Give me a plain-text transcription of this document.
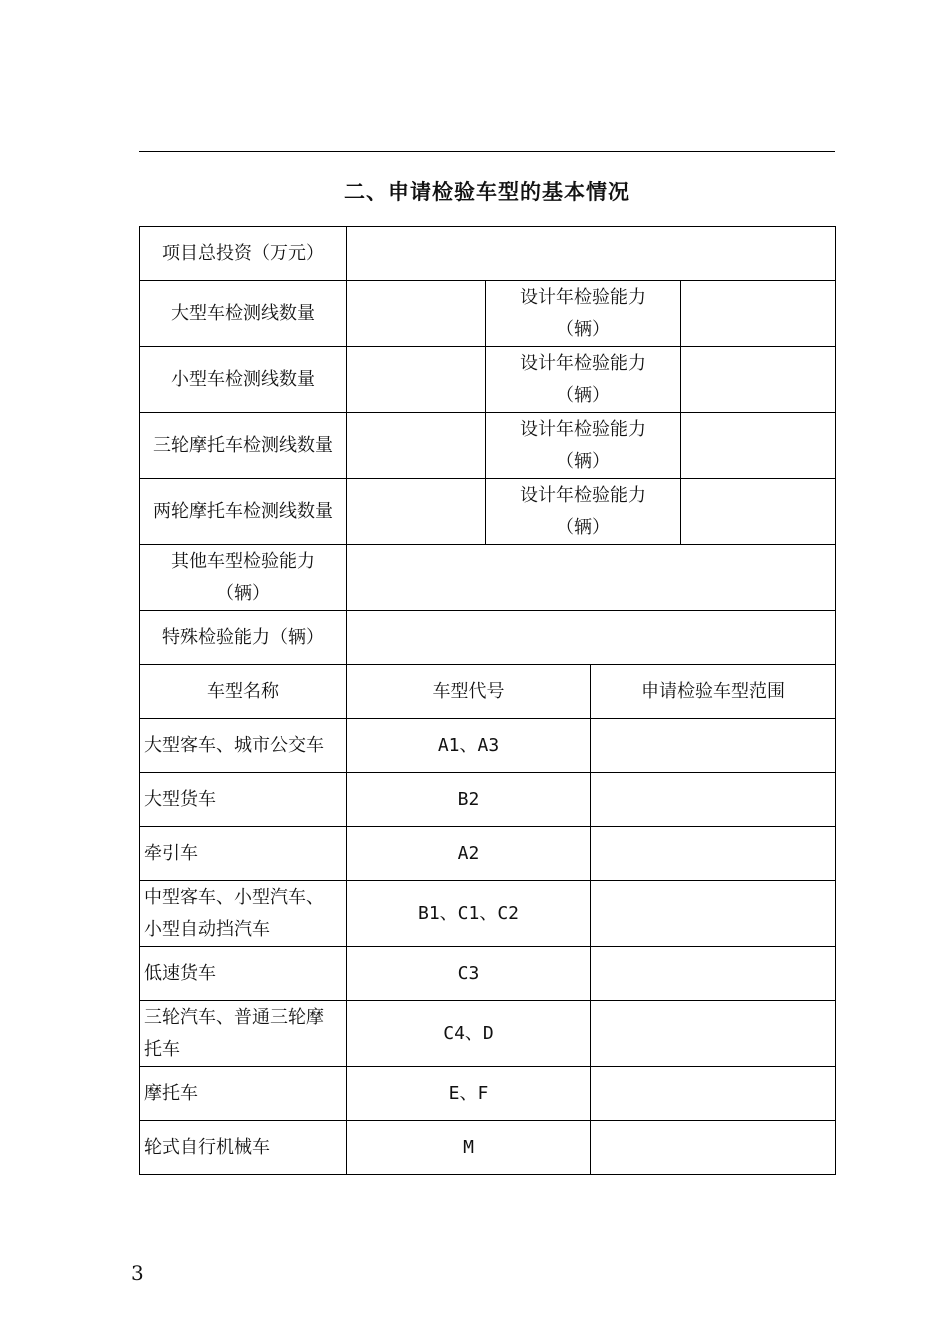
二、申请检验车型的基本情况
项目总投资（万元）			
大型车检测线数量		设计年检验能力
（辆）	
小型车检测线数量		设计年检验能力
（辆）	
三轮摩托车检测线数量		设计年检验能力
（辆）	
两轮摩托车检测线数量		设计年检验能力
（辆）	
其他车型检验能力
（辆）			
特殊检验能力（辆）			
车型名称	车型代号	申请检验车型范围
大型客车、城市公交车	A1、A3	
大型货车	B2	
牵引车	A2	
中型客车、小型汽车、
小型自动挡汽车	B1、C1、C2	
低速货车	C3	
三轮汽车、普通三轮摩
托车	C4、D	
摩托车	E、F	
轮式自行机械车	M	
3
